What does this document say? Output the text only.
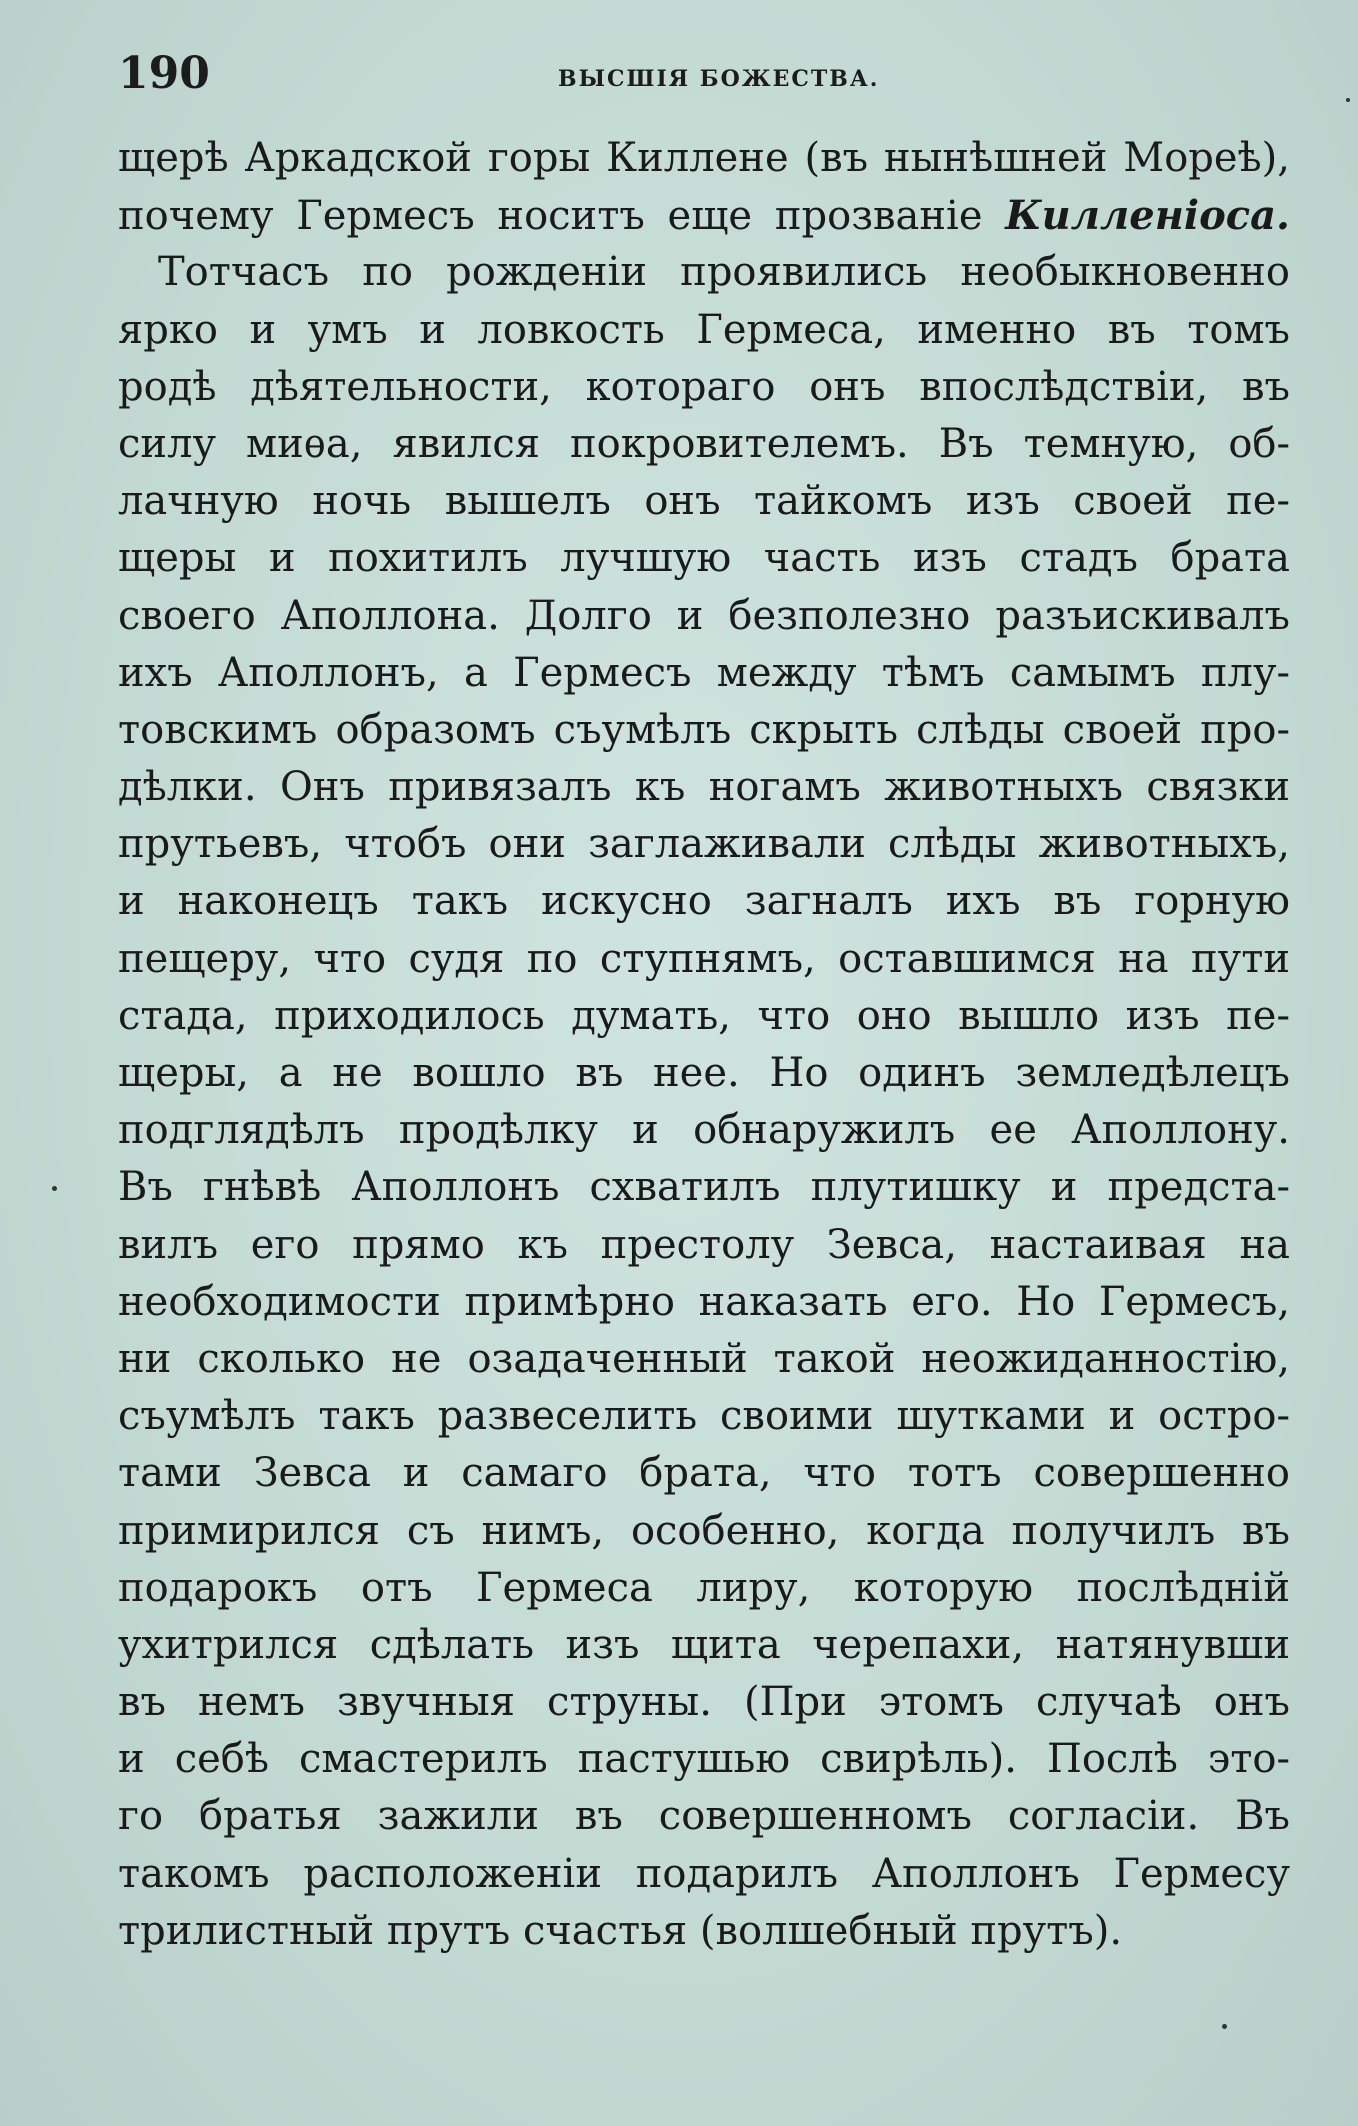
190	ВЫСШІЯ БОЖЕСТВА.
щерѣ Аркадской горы Киллене (въ нынѣшней Мореѣ),
почему Гермесъ носитъ еще прозваніе Килленіоса.
Тотчасъ по рожденіи проявились необыкновенно
ярко и умъ и ловкость Гермеса, именно въ томъ
родѣ дѣятельности, котораго онъ впослѣдствіи, въ
силу миѳа, явился покровителемъ. Въ темную, об-
лачную ночь вышелъ онъ тайкомъ изъ своей пе-
щеры и похитилъ лучшую часть изъ стадъ брата
своего Аполлона. Долго и безполезно разъискивалъ
ихъ Аполлонъ, а Гермесъ между тѣмъ самымъ плу-
товскимъ образомъ съумѣлъ скрыть слѣды своей про-
дѣлки. Онъ привязалъ къ ногамъ животныхъ связки
прутьевъ, чтобъ они заглаживали слѣды животныхъ,
и наконецъ такъ искусно загналъ ихъ въ горную
пещеру, что судя по ступнямъ, оставшимся на пути
стада, приходилось думать, что оно вышло изъ пе-
щеры, а не вошло въ нее. Но одинъ земледѣлецъ
подглядѣлъ продѣлку и обнаружилъ ее Аполлону.
Въ гнѣвѣ Аполлонъ схватилъ плутишку и предста-
вилъ его прямо къ престолу Зевса, настаивая на
необходимости примѣрно наказать его. Но Гермесъ,
ни сколько не озадаченный такой неожиданностію,
съумѣлъ такъ развеселить своими шутками и остро-
тами Зевса и самаго брата, что тотъ совершенно
примирился съ нимъ, особенно, когда получилъ въ
подарокъ отъ Гермеса лиру, которую послѣдній
ухитрился сдѣлать изъ щита черепахи, натянувши
въ немъ звучныя струны. (При этомъ случаѣ онъ
и себѣ смастерилъ пастушью свирѣль). Послѣ это-
го братья зажили въ совершенномъ согласіи. Въ
такомъ расположеніи подарилъ Аполлонъ Гермесу
трилистный прутъ счастья (волшебный прутъ).
